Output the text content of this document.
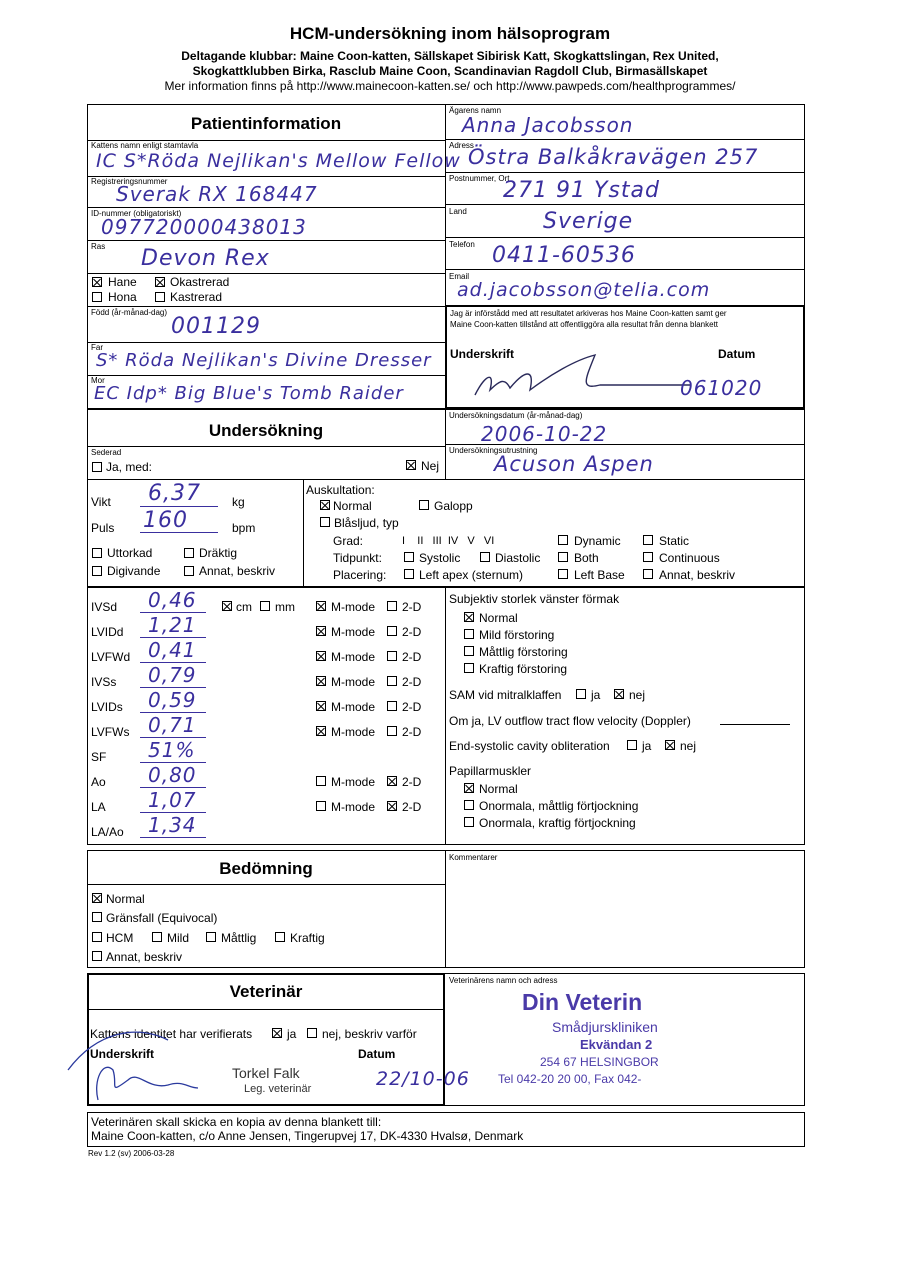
HCM-undersökning inom hälsoprogram
Deltagande klubbar: Maine Coon-katten, Sällskapet Sibirisk Katt, Skogkattslingan, Rex United,
Skogkattklubben Birka, Rasclub Maine Coon, Scandinavian Ragdoll Club, Birmasällskapet
Mer information finns på http://www.mainecoon-katten.se/ och http://www.pawpeds.com/healthprogrammes/
Patientinformation
Kattens namn enligt stamtavla
IC S*Röda Nejlikan's Mellow Fellow
Registreringsnummer
Sverak RX 168447
ID-nummer (obligatoriskt)
097720000438013
Ras Devon Rex
Hane	Okastrerad
Hona	Kastrerad
Född (år-månad-dag)
001129
Far
S* Röda Nejlikan's Divine Dresser
Mor
EC Idp* Big Blue's Tomb Raider
Ägarens namn
Anna Jacobsson
Adress
Östra Balkåkravägen 257
Postnummer, Ort
271 91 Ystad
Land	Sverige
Telefon 0411-60536
Email
ad.jacobsson@telia.com
Jag är införstådd med att resultatet arkiveras hos Maine Coon-katten samt ger
Maine Coon-katten tillstånd att offentliggöra alla resultat från denna blankett
Underskrift	Datum
061020
Undersökning
Sederad
Ja, med:	Nej
Undersökningsdatum (år-månad-dag)
2006-10-22
Undersökningsutrustning
Acuson Aspen
Vikt 6,37	kg
Puls 160	bpm
Uttorkad	Dräktig
Digivande	Annat, beskriv
Auskultation:
Normal	Galopp
Blåsljud, typ
Grad:	I    II   III  IV   V   VI	Dynamic	Static
Tidpunkt:	Systolic	Diastolic	Both	Continuous
Placering:	Left apex (sternum)	Left Base	Annat, beskriv
IVSd 0,46	cm mm	M-mode 2-D
LVIDd 1,21	M-mode 2-D
LVFWd 0,41	M-mode 2-D
IVSs 0,79	M-mode 2-D
LVIDs 0,59	M-mode 2-D
LVFWs 0,71	M-mode 2-D
SF 51%
Ao 0,80	M-mode 2-D
LA 1,07	M-mode 2-D
LA/Ao 1,34
Subjektiv storlek vänster förmak
Normal
Mild förstoring
Måttlig förstoring
Kraftig förstoring
SAM vid mitralklaffen ja nej
Om ja, LV outflow tract flow velocity (Doppler)
End-systolic cavity obliteration	ja nej
Papillarmuskler
Normal
Onormala, måttlig förtjockning
Onormala, kraftig förtjockning
Bedömning
Kommentarer
Normal
Gränsfall (Equivocal)
HCM	Mild	Måttlig	Kraftig
Annat, beskriv
Veterinär
Kattens identitet har verifierats	ja nej, beskriv varför
Underskrift	Datum
Torkel Falk
Leg. veterinär	22/10-06
Veterinärens namn och adress
Din Veterin
Smådjurskliniken
Ekvändan 2
254 67 HELSINGBOR
Tel 042-20 20 00, Fax 042-
Veterinären skall skicka en kopia av denna blankett till:
Maine Coon-katten, c/o Anne Jensen, Tingerupvej 17, DK-4330 Hvalsø, Denmark
Rev 1.2 (sv) 2006-03-28
